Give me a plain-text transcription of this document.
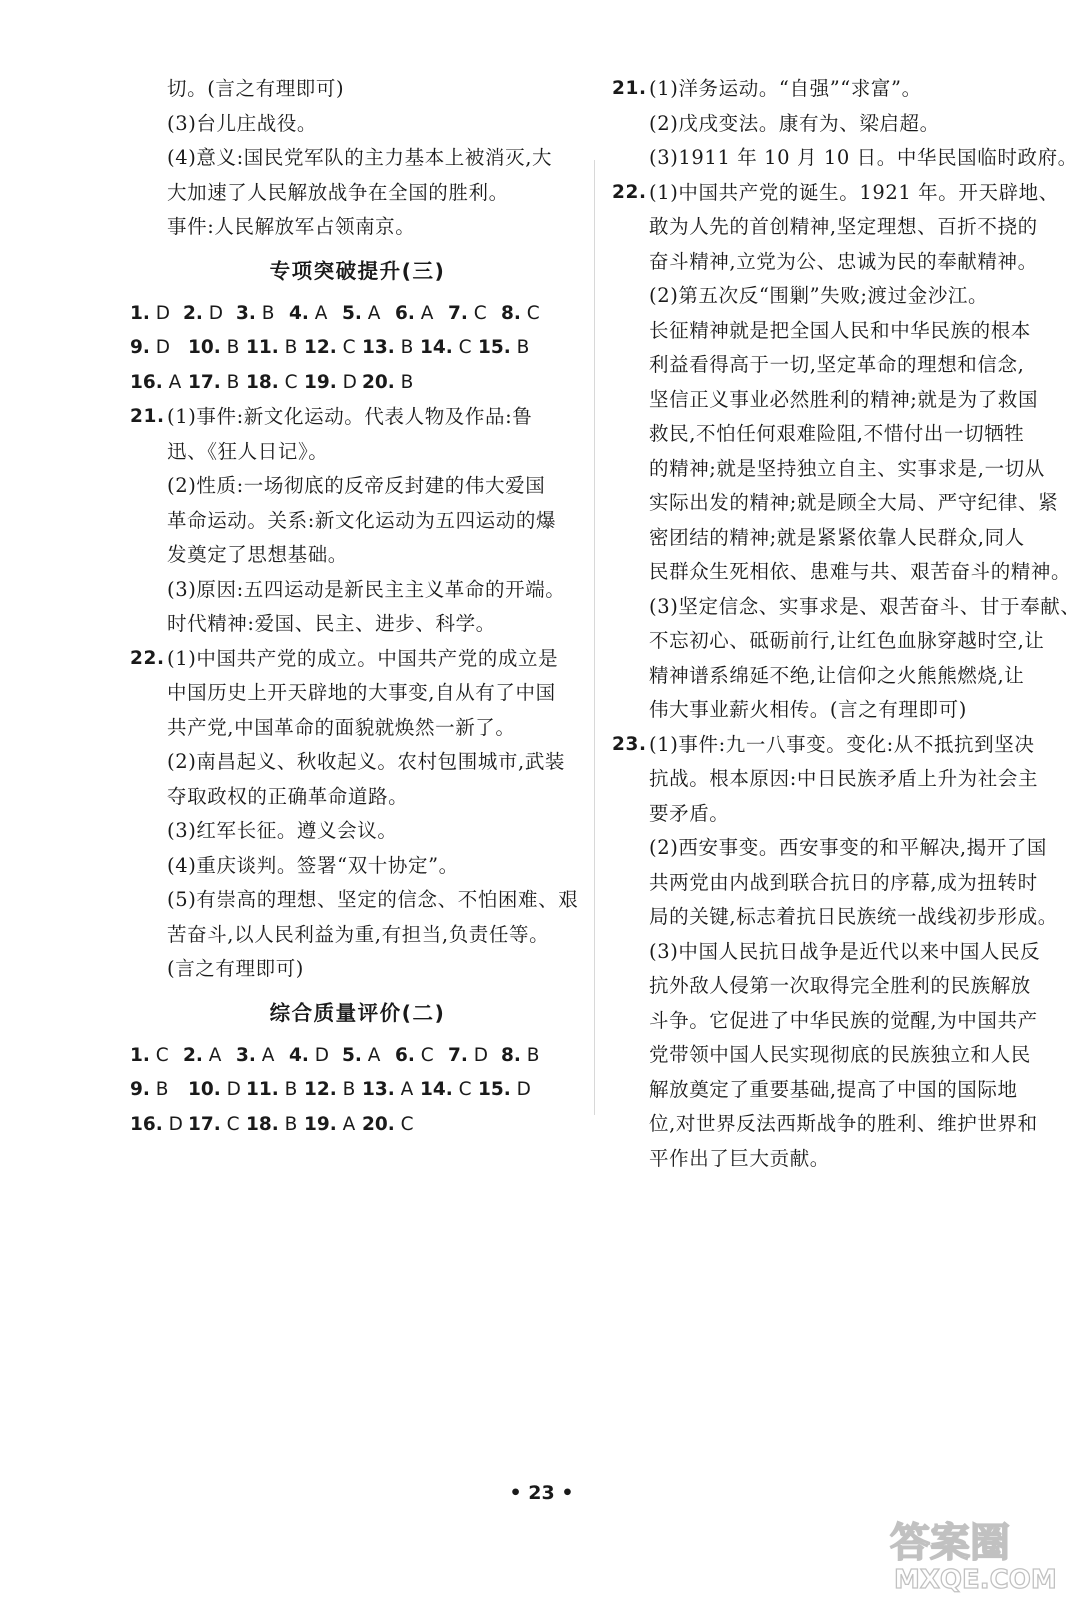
切。(言之有理即可)
(3)台儿庄战役。
(4)意义:国民党军队的主力基本上被消灭,大
大加速了人民解放战争在全国的胜利。
事件:人民解放军占领南京。
专项突破提升(三)
1. D 2. D 3. B 4. A 5. A 6. A 7. C 8. C
9. D 10. B 11. B 12. C 13. B 14. C 15. B
16. A 17. B 18. C 19. D 20. B
21. (1)事件:新文化运动。代表人物及作品:鲁
迅、《狂人日记》。
(2)性质:一场彻底的反帝反封建的伟大爱国
革命运动。关系:新文化运动为五四运动的爆
发奠定了思想基础。
(3)原因:五四运动是新民主主义革命的开端。
时代精神:爱国、民主、进步、科学。
22. (1)中国共产党的成立。中国共产党的成立是
中国历史上开天辟地的大事变,自从有了中国
共产党,中国革命的面貌就焕然一新了。
(2)南昌起义、秋收起义。农村包围城市,武装
夺取政权的正确革命道路。
(3)红军长征。遵义会议。
(4)重庆谈判。签署“双十协定”。
(5)有崇高的理想、坚定的信念、不怕困难、艰
苦奋斗,以人民利益为重,有担当,负责任等。
(言之有理即可)
综合质量评价(二)
1. C 2. A 3. A 4. D 5. A 6. C 7. D 8. B
9. B	10. D 11. B 12. B 13. A 14. C 15. D
16. D 17. C 18. B 19. A 20. C
21. (1)洋务运动。“自强”“求富”。
(2)戊戌变法。康有为、梁启超。
(3)1911 年 10 月 10 日。中华民国临时政府。
22. (1)中国共产党的诞生。1921 年。开天辟地、
敢为人先的首创精神,坚定理想、百折不挠的
奋斗精神,立党为公、忠诚为民的奉献精神。
(2)第五次反“围剿”失败;渡过金沙江。
长征精神就是把全国人民和中华民族的根本
利益看得高于一切,坚定革命的理想和信念,
坚信正义事业必然胜利的精神;就是为了救国
救民,不怕任何艰难险阻,不惜付出一切牺牲
的精神;就是坚持独立自主、实事求是,一切从
实际出发的精神;就是顾全大局、严守纪律、紧
密团结的精神;就是紧紧依靠人民群众,同人
民群众生死相依、患难与共、艰苦奋斗的精神。
(3)坚定信念、实事求是、艰苦奋斗、甘于奉献、
不忘初心、砥砺前行,让红色血脉穿越时空,让
精神谱系绵延不绝,让信仰之火熊熊燃烧,让
伟大事业薪火相传。(言之有理即可)
23. (1)事件:九一八事变。变化:从不抵抗到坚决
抗战。根本原因:中日民族矛盾上升为社会主
要矛盾。
(2)西安事变。西安事变的和平解决,揭开了国
共两党由内战到联合抗日的序幕,成为扭转时
局的关键,标志着抗日民族统一战线初步形成。
(3)中国人民抗日战争是近代以来中国人民反
抗外敌人侵第一次取得完全胜利的民族解放
斗争。它促进了中华民族的觉醒,为中国共产
党带领中国人民实现彻底的民族独立和人民
解放奠定了重要基础,提高了中国的国际地
位,对世界反法西斯战争的胜利、维护世界和
平作出了巨大贡献。
• 23 •
答案圈
MXQE.COM
